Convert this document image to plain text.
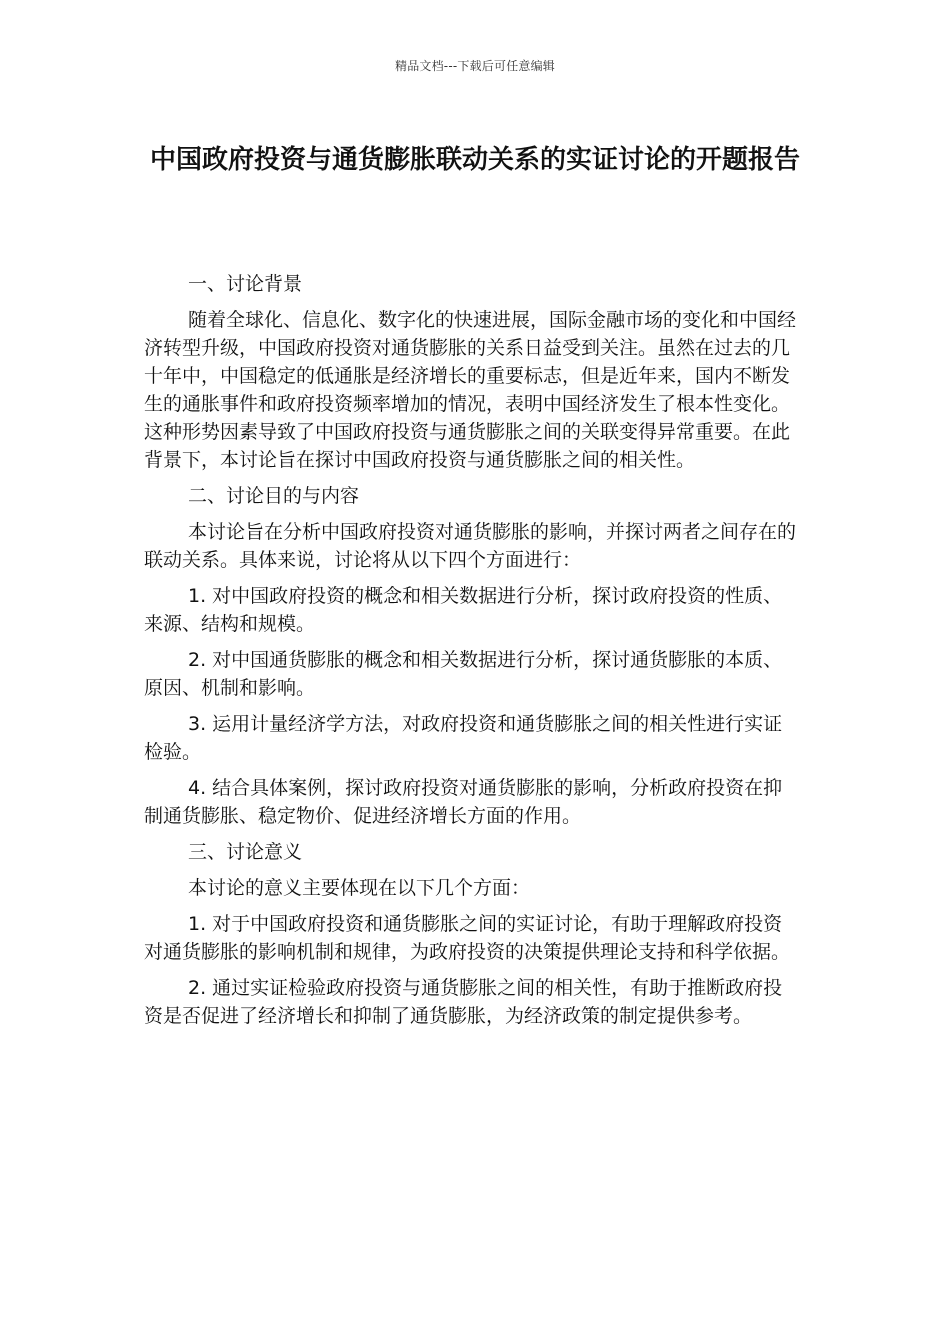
精品文档---下载后可任意编辑
中国政府投资与通货膨胀联动关系的实证讨论的开题报告

一、讨论背景

随着全球化、信息化、数字化的快速进展，国际金融市场的变化和中国经济转型升级，中国政府投资对通货膨胀的关系日益受到关注。虽然在过去的几十年中，中国稳定的低通胀是经济增长的重要标志，但是近年来，国内不断发生的通胀事件和政府投资频率增加的情况，表明中国经济发生了根本性变化。这种形势因素导致了中国政府投资与通货膨胀之间的关联变得异常重要。在此背景下，本讨论旨在探讨中国政府投资与通货膨胀之间的相关性。

二、讨论目的与内容

本讨论旨在分析中国政府投资对通货膨胀的影响，并探讨两者之间存在的联动关系。具体来说，讨论将从以下四个方面进行：

1. 对中国政府投资的概念和相关数据进行分析，探讨政府投资的性质、来源、结构和规模。

2. 对中国通货膨胀的概念和相关数据进行分析，探讨通货膨胀的本质、原因、机制和影响。

3. 运用计量经济学方法，对政府投资和通货膨胀之间的相关性进行实证检验。

4. 结合具体案例，探讨政府投资对通货膨胀的影响，分析政府投资在抑制通货膨胀、稳定物价、促进经济增长方面的作用。

三、讨论意义

本讨论的意义主要体现在以下几个方面：

1. 对于中国政府投资和通货膨胀之间的实证讨论，有助于理解政府投资对通货膨胀的影响机制和规律，为政府投资的决策提供理论支持和科学依据。

2. 通过实证检验政府投资与通货膨胀之间的相关性，有助于推断政府投资是否促进了经济增长和抑制了通货膨胀，为经济政策的制定提供参考。
